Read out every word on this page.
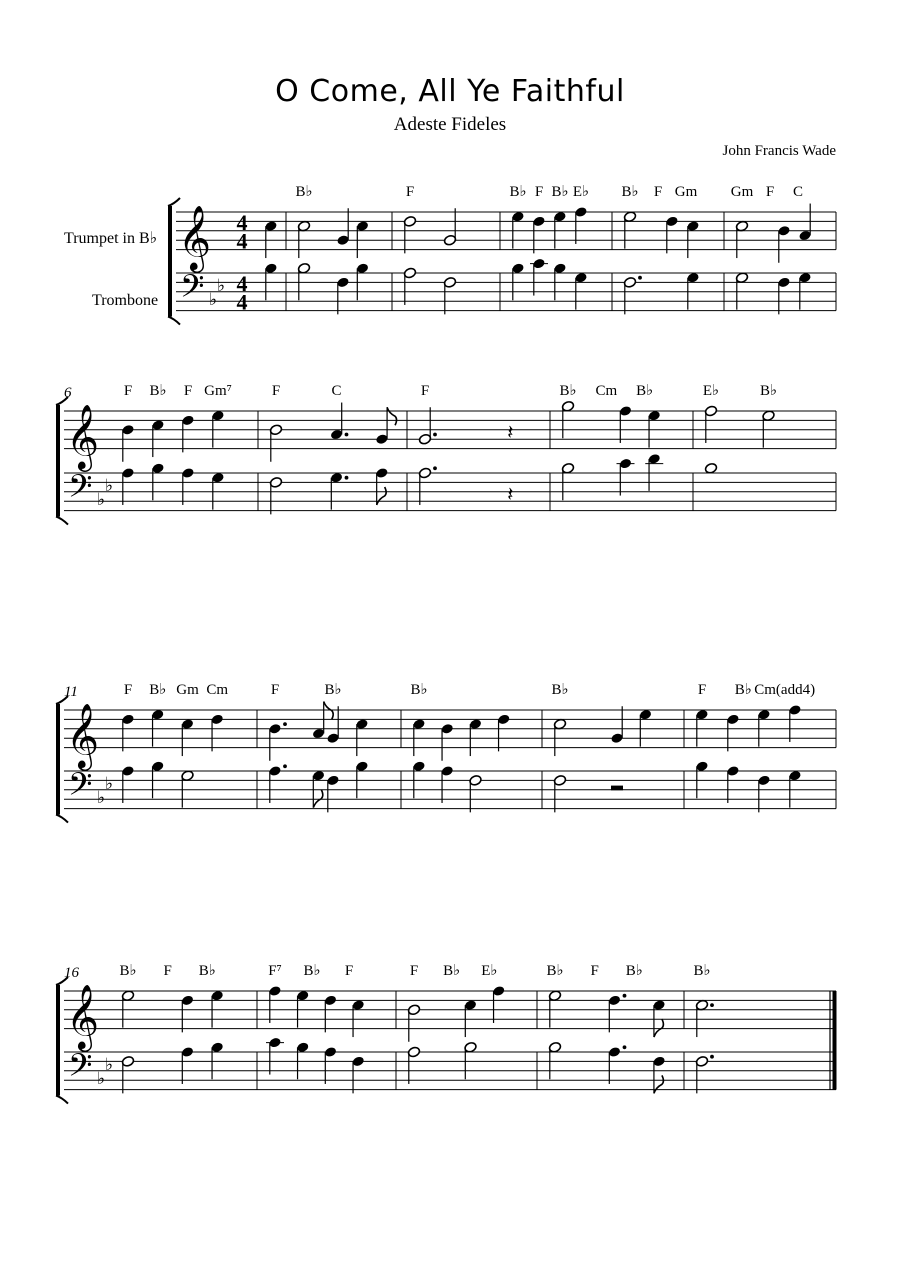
O Come, All Ye Faithful
Adeste Fideles
John Francis Wade
Trumpet in B♭
Trombone
𝄞 4
4
𝄢 ♭
♭ 4
4
B♭	F	B♭ F B♭ E♭ B♭ F Gm Gm F C
𝄞
𝄢 ♭
♭
6	F B♭ F Gm⁷	F	C
𝄽
𝄽
F	B♭ Cm B♭	E♭	B♭
𝄞
𝄢 ♭
♭
11	F B♭ Gm Cm	F	B♭	B♭	B♭	F B♭ Cm(add4)
𝄞
𝄢 ♭
♭
16	B♭ F B♭	F⁷ B♭ F	F B♭ E♭	B♭ F B♭	B♭
